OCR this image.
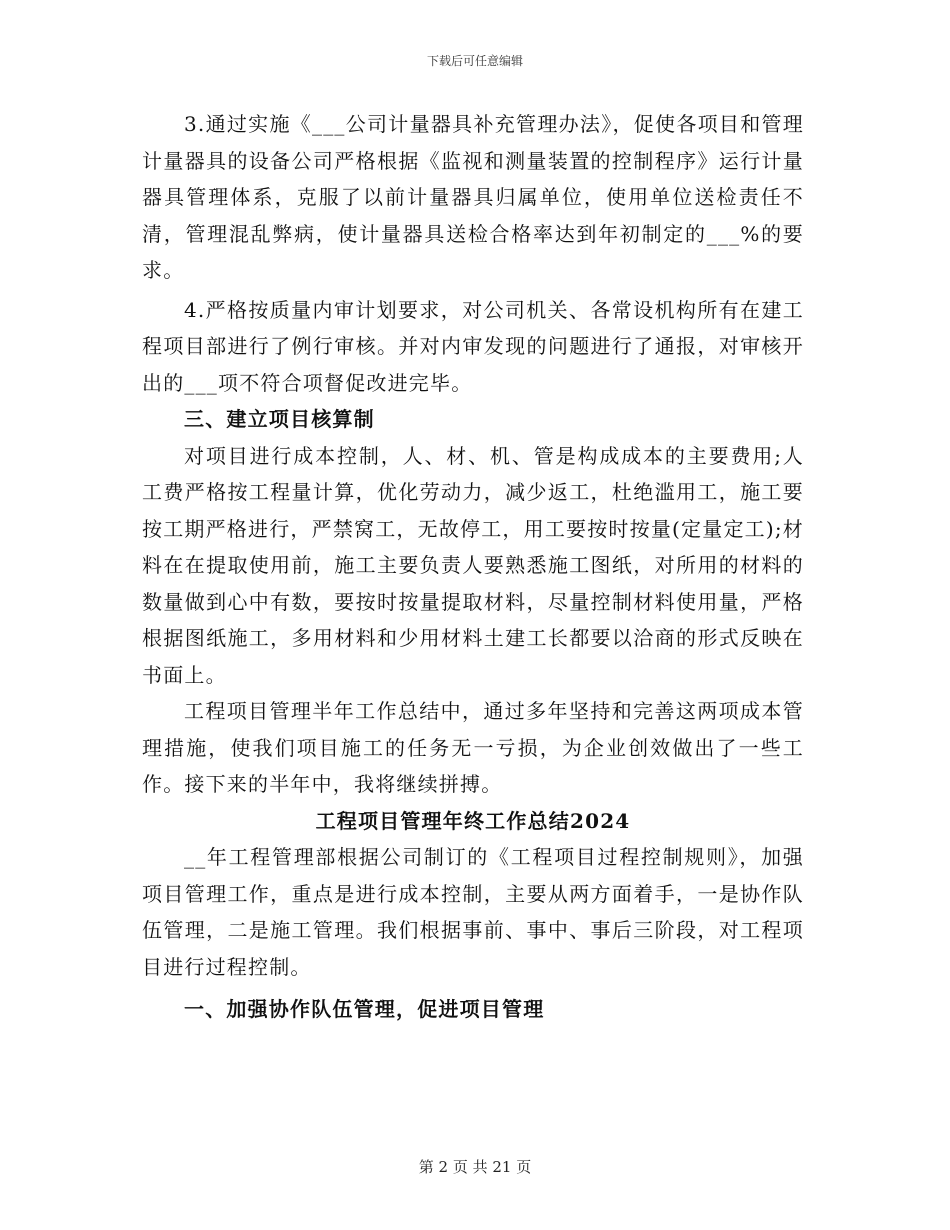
下载后可任意编辑

3.通过实施《___公司计量器具补充管理办法》，促使各项目和管理计量器具的设备公司严格根据《监视和测量装置的控制程序》运行计量器具管理体系，克服了以前计量器具归属单位，使用单位送检责任不清，管理混乱弊病，使计量器具送检合格率达到年初制定的___%的要求。

4.严格按质量内审计划要求，对公司机关、各常设机构所有在建工程项目部进行了例行审核。并对内审发现的问题进行了通报，对审核开出的___项不符合项督促改进完毕。

三、建立项目核算制

对项目进行成本控制，人、材、机、管是构成成本的主要费用;人工费严格按工程量计算，优化劳动力，减少返工，杜绝滥用工，施工要按工期严格进行，严禁窝工，无故停工，用工要按时按量(定量定工);材料在在提取使用前，施工主要负责人要熟悉施工图纸，对所用的材料的数量做到心中有数，要按时按量提取材料，尽量控制材料使用量，严格根据图纸施工，多用材料和少用材料土建工长都要以洽商的形式反映在书面上。

工程项目管理半年工作总结中，通过多年坚持和完善这两项成本管理措施，使我们项目施工的任务无一亏损，为企业创效做出了一些工作。接下来的半年中，我将继续拼搏。

工程项目管理年终工作总结2024

__年工程管理部根据公司制订的《工程项目过程控制规则》，加强项目管理工作，重点是进行成本控制，主要从两方面着手，一是协作队伍管理，二是施工管理。我们根据事前、事中、事后三阶段，对工程项目进行过程控制。

一、加强协作队伍管理，促进项目管理

第 2 页 共 21 页
